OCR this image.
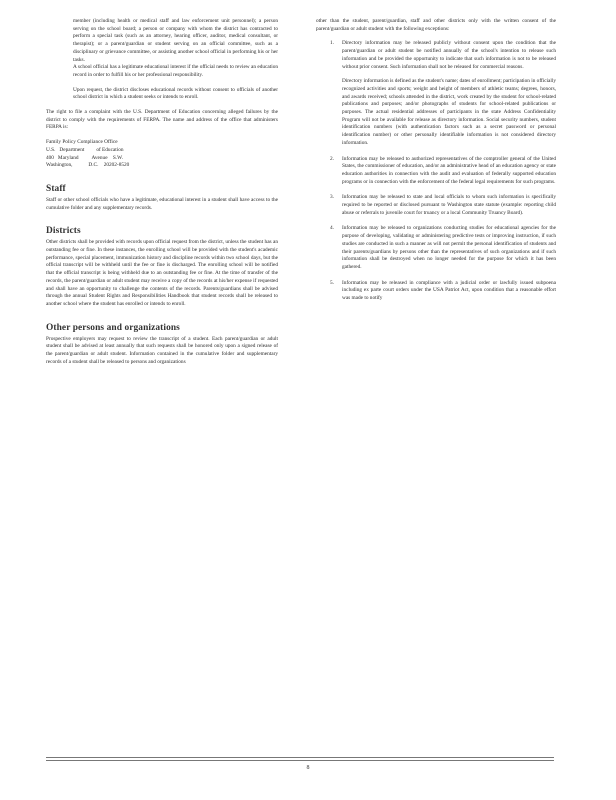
member (including health or medical staff and law enforcement unit personnel); a person serving on the school board; a person or company with whom the district has contracted to perform a special task (such as an attorney, hearing officer, auditor, medical consultant, or therapist); or a parent/guardian or student serving on an official committee, such as a disciplinary or grievance committee, or assisting another school official in performing his or her tasks.

A school official has a legitimate educational interest if the official needs to review an education record in order to fulfill his or her professional responsibility.

Upon request, the district discloses educational records without consent to officials of another school district in which a student seeks or intends to enroll.

The right to file a complaint with the U.S. Department of Education concerning alleged failures by the district to comply with the requirements of FERPA. The name and address of the office that administers FERPA is:

Family Policy Compliance Office

U.S.   Department         of Education

400   Maryland          Avenue    S.W.

Washington,            D.C.    20202-8520

Staff

Staff or other school officials who have a legitimate, educational interest in a student shall have access to the cumulative folder and any supplementary records.

Districts

Other districts shall be provided with records upon official request from the district, unless the student has an outstanding fee or fine. In these instances, the enrolling school will be provided with the student's academic performance, special placement, immunization history and discipline records within two school days, but the official transcript will be withheld until the fee or fine is discharged. The enrolling school will be notified that the official transcript is being withheld due to an outstanding fee or fine. At the time of transfer of the records, the parent/guardian or adult student may receive a copy of the records at his/her expense if requested and shall have an opportunity to challenge the contents of the records. Parents/guardians shall be advised through the annual Student Rights and Responsibilities Handbook that student records shall be released to another school where the student has enrolled or intends to enroll.

Other persons and organizations

Prospective employers may request to review the transcript of a student. Each parent/guardian or adult student shall be advised at least annually that such requests shall be honored only upon a signed release of the parent/guardian or adult student. Information contained in the cumulative folder and supplementary records of a student shall be released to persons and organizations

other than the student, parent/guardian, staff and other districts only with the written consent of the parent/guardian or adult student with the following exceptions:

1. Directory information may be released publicly without consent upon the condition that the parent/guardian or adult student be notified annually of the school's intention to release such information and be provided the opportunity to indicate that such information is not to be released without prior consent. Such information shall not be released for commercial reasons.

Directory information is defined as the student's name; dates of enrollment; participation in officially recognized activities and sports; weight and height of members of athletic teams; degrees, honors, and awards received; schools attended in the district, work created by the student for school-related publications and purposes; and/or photographs of students for school-related publications or purposes. The actual residential addresses of participants in the state Address Confidentiality Program will not be available for release as directory information. Social security numbers, student identification numbers (with authentication factors such as a secret password or personal identification number) or other personally identifiable information is not considered directory information.

2. Information may be released to authorized representatives of the comptroller general of the United States, the commissioner of education, and/or an administrative head of an education agency or state education authorities in connection with the audit and evaluation of federally supported education programs or in connection with the enforcement of the federal legal requirements for such programs.

3. Information may be released to state and local officials to whom such information is specifically required to be reported or disclosed pursuant to Washington state statute (example: reporting child abuse or referrals to juvenile court for truancy or a local Community Truancy Board).

4. Information may be released to organizations conducting studies for educational agencies for the purpose of developing, validating or administering predictive tests or improving instruction, if such studies are conducted in such a manner as will not permit the personal identification of students and their parents/guardians by persons other than the representatives of such organizations and if such information shall be destroyed when no longer needed for the purpose for which it has been gathered.

5. Information may be released in compliance with a judicial order or lawfully issued subpoena including ex parte court orders under the USA Patriot Act, upon condition that a reasonable effort was made to notify

8
